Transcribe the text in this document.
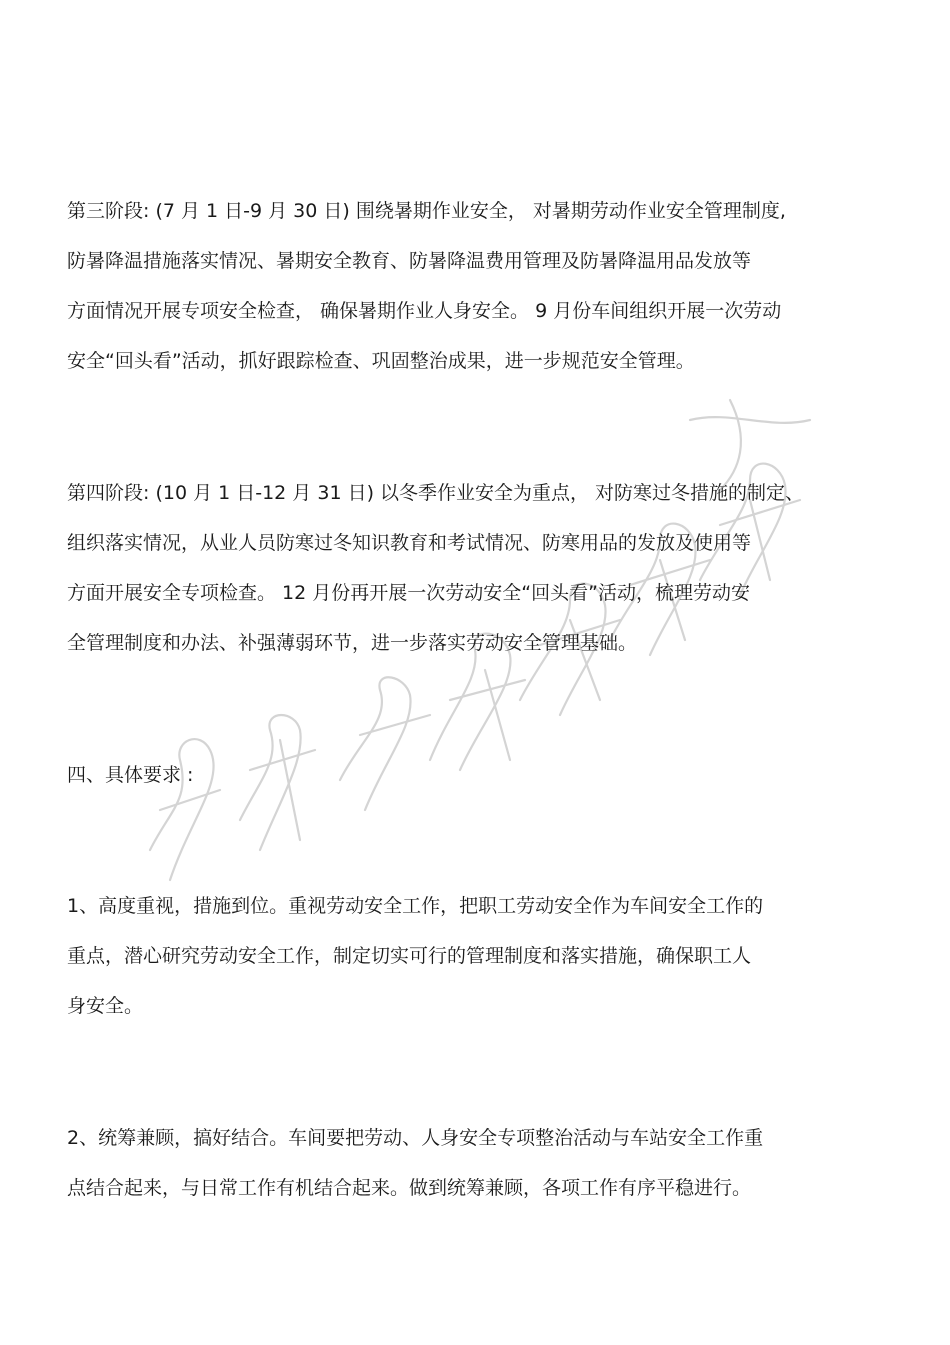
第三阶段: (7 月 1 日-9 月 30 日) 围绕暑期作业安全， 对暑期劳动作业安全管理制度,

防暑降温措施落实情况、暑期安全教育、防暑降温费用管理及防暑降温用品发放等

方面情况开展专项安全检查， 确保暑期作业人身安全。 9 月份车间组织开展一次劳动

安全“回头看”活动，抓好跟踪检查、巩固整治成果，进一步规范安全管理。

第四阶段: (10 月 1 日-12 月 31 日) 以冬季作业安全为重点， 对防寒过冬措施的制定、

组织落实情况，从业人员防寒过冬知识教育和考试情况、防寒用品的发放及使用等

方面开展安全专项检查。 12 月份再开展一次劳动安全“回头看”活动，梳理劳动安

全管理制度和办法、补强薄弱环节，进一步落实劳动安全管理基础。

四、具体要求 :

1、高度重视，措施到位。重视劳动安全工作，把职工劳动安全作为车间安全工作的

重点，潜心研究劳动安全工作，制定切实可行的管理制度和落实措施，确保职工人

身安全。

2、统筹兼顾，搞好结合。车间要把劳动、人身安全专项整治活动与车站安全工作重

点结合起来，与日常工作有机结合起来。做到统筹兼顾，各项工作有序平稳进行。
